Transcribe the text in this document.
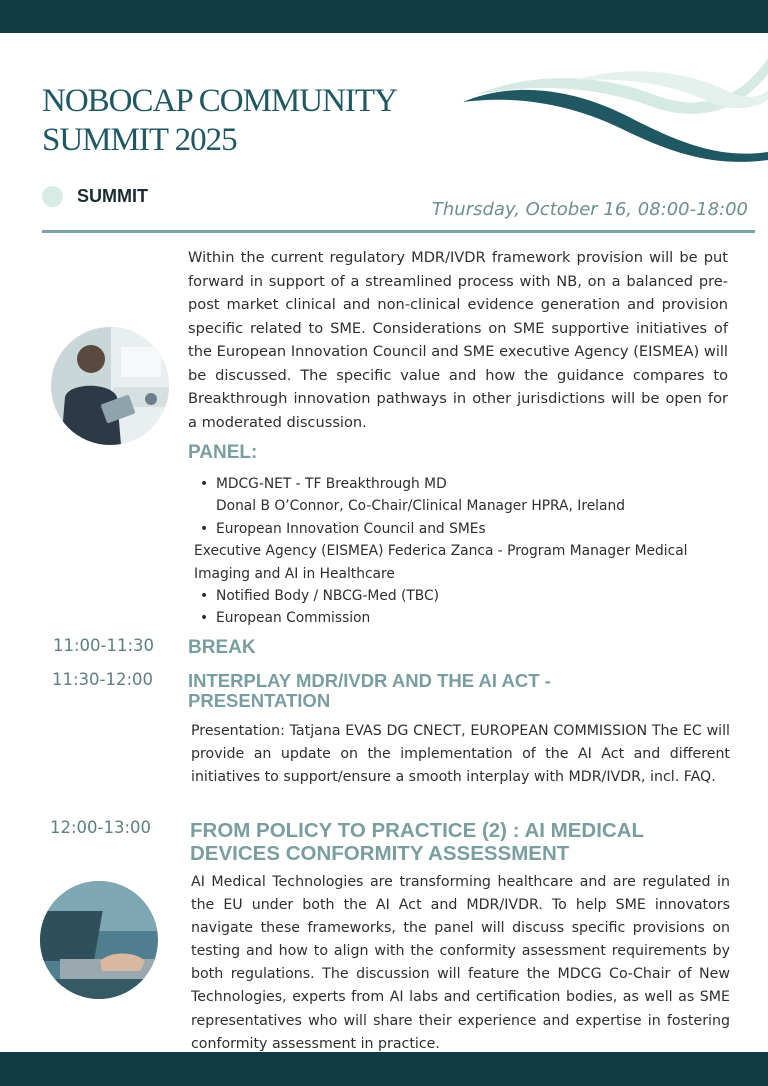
NOBOCAP COMMUNITY
SUMMIT 2025
SUMMIT
Thursday, October 16, 08:00-18:00

Within the current regulatory MDR/IVDR framework provision will be put forward in support of a streamlined process with NB, on a balanced pre-post market clinical and non-clinical evidence generation and provision specific related to SME. Considerations on SME supportive initiatives of the European Innovation Council and SME executive Agency (EISMEA) will be discussed. The specific value and how the guidance compares to Breakthrough innovation pathways in other jurisdictions will be open for a moderated discussion.

PANEL:
• MDCG-NET - TF Breakthrough MD
Donal B O’Connor, Co-Chair/Clinical Manager HPRA, Ireland
• European Innovation Council and SMEs
Executive Agency (EISMEA) Federica Zanca - Program Manager Medical Imaging and AI in Healthcare
• Notified Body / NBCG-Med (TBC)
• European Commission
11:00-11:30 BREAK
11:30-12:00 INTERPLAY MDR/IVDR AND THE AI ACT - PRESENTATION

Presentation: Tatjana EVAS DG CNECT, EUROPEAN COMMISSION The EC will provide an update on the implementation of the AI Act and different initiatives to support/ensure a smooth interplay with MDR/IVDR, incl. FAQ.

12:00-13:00 FROM POLICY TO PRACTICE (2) : AI MEDICAL DEVICES CONFORMITY ASSESSMENT

AI Medical Technologies are transforming healthcare and are regulated in the EU under both the AI Act and MDR/IVDR. To help SME innovators navigate these frameworks, the panel will discuss specific provisions on testing and how to align with the conformity assessment requirements by both regulations. The discussion will feature the MDCG Co-Chair of New Technologies, experts from AI labs and certification bodies, as well as SME representatives who will share their experience and expertise in fostering conformity assessment in practice.
